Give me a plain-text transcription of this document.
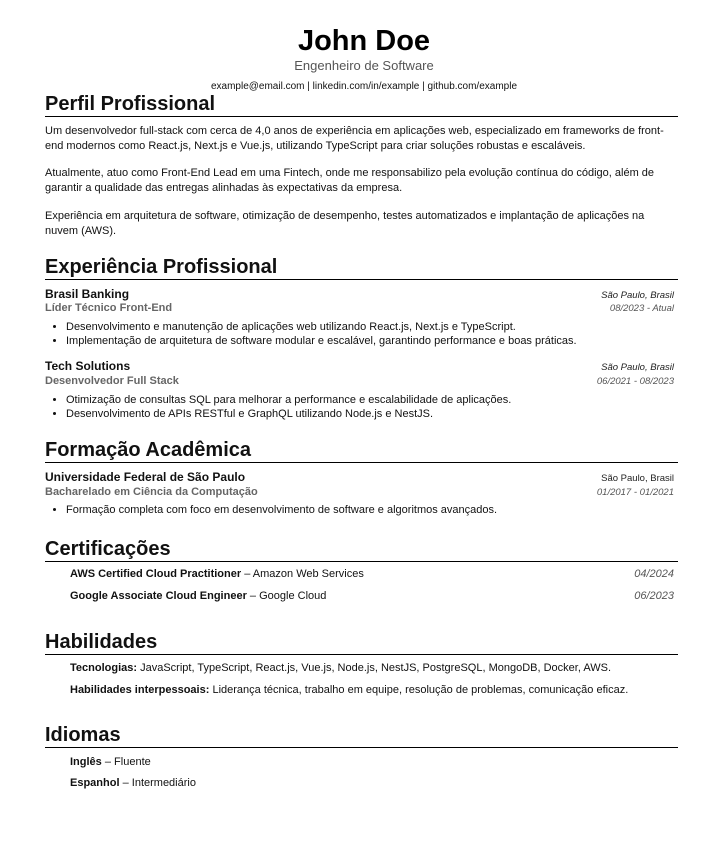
John Doe
Engenheiro de Software
example@email.com | linkedin.com/in/example | github.com/example
Perfil Profissional

Um desenvolvedor full-stack com cerca de 4,0 anos de experiência em aplicações web, especializado em frameworks de front-end modernos como React.js, Next.js e Vue.js, utilizando TypeScript para criar soluções robustas e escaláveis.

Atualmente, atuo como Front-End Lead em uma Fintech, onde me responsabilizo pela evolução contínua do código, além de garantir a qualidade das entregas alinhadas às expectativas da empresa.

Experiência em arquitetura de software, otimização de desempenho, testes automatizados e implantação de aplicações na nuvem (AWS).

Experiência Profissional
Brasil Banking	São Paulo, Brasil
Líder Técnico Front-End	08/2023 - Atual
• Desenvolvimento e manutenção de aplicações web utilizando React.js, Next.js e TypeScript.
• Implementação de arquitetura de software modular e escalável, garantindo performance e boas práticas.
Tech Solutions	São Paulo, Brasil
Desenvolvedor Full Stack	06/2021 - 08/2023
• Otimização de consultas SQL para melhorar a performance e escalabilidade de aplicações.
• Desenvolvimento de APIs RESTful e GraphQL utilizando Node.js e NestJS.
Formação Acadêmica
Universidade Federal de São Paulo	São Paulo, Brasil
Bacharelado em Ciência da Computação	01/2017 - 01/2021
• Formação completa com foco em desenvolvimento de software e algoritmos avançados.
Certificações
AWS Certified Cloud Practitioner – Amazon Web Services	04/2024
Google Associate Cloud Engineer – Google Cloud	06/2023
Habilidades
Tecnologias: JavaScript, TypeScript, React.js, Vue.js, Node.js, NestJS, PostgreSQL, MongoDB, Docker, AWS.
Habilidades interpessoais: Liderança técnica, trabalho em equipe, resolução de problemas, comunicação eficaz.
Idiomas
Inglês – Fluente
Espanhol – Intermediário
